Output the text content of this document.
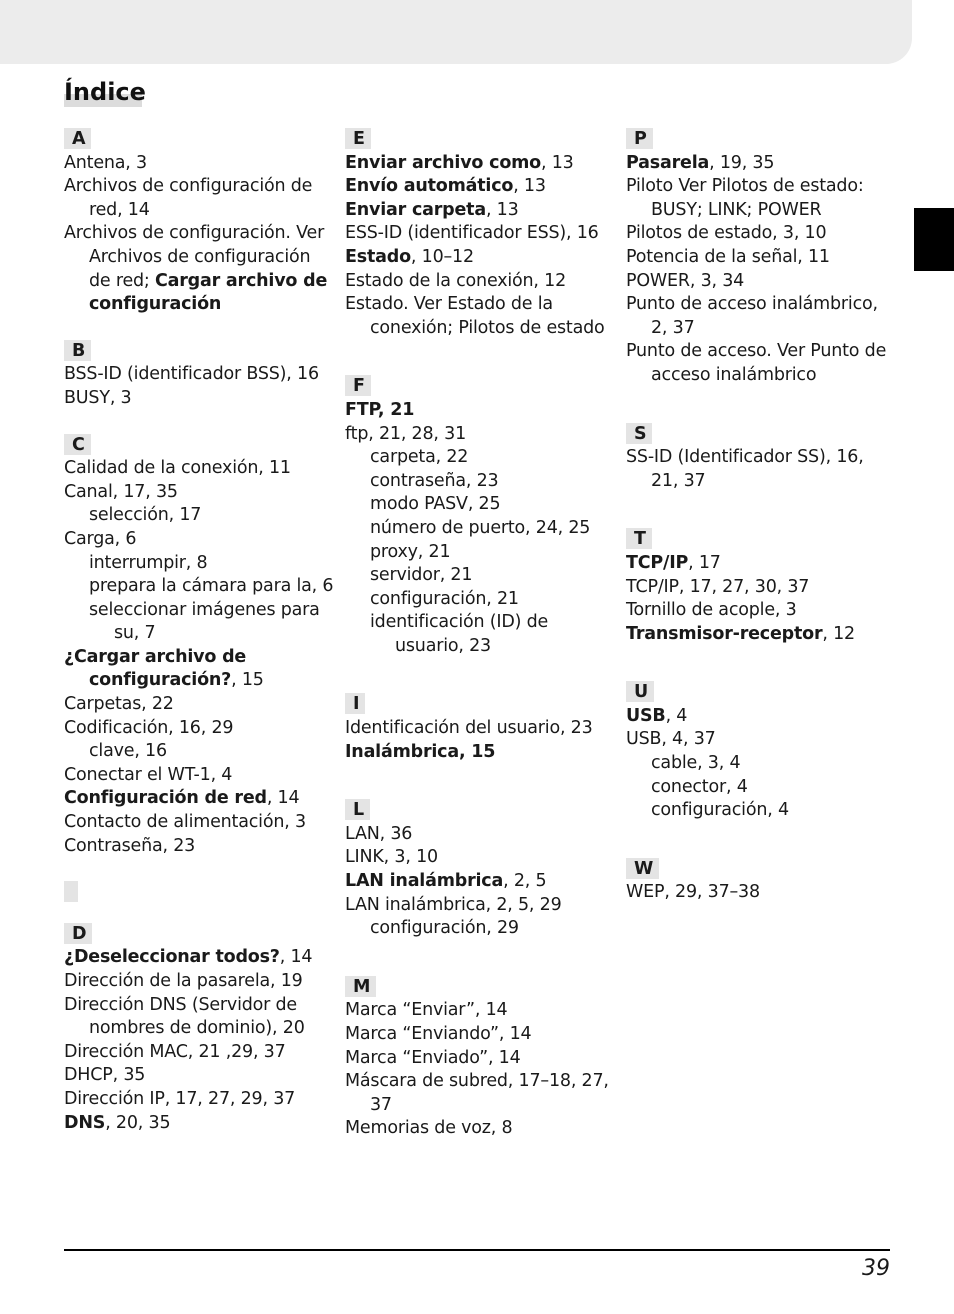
Índice
A
Antena, 3
Archivos de configuración de red, 14
Archivos de configuración. Ver Archivos de configuración de red; Cargar archivo de configuración
B
BSS-ID (identificador BSS), 16
BUSY, 3
C
Calidad de la conexión, 11
Canal, 17, 35
selección, 17
Carga, 6
interrumpir, 8
prepara la cámara para la, 6
seleccionar imágenes para su, 7
¿Cargar archivo de configuración?, 15
Carpetas, 22
Codificación, 16, 29
clave, 16
Conectar el WT-1, 4
Configuración de red, 14
Contacto de alimentación, 3
Contraseña, 23
D
¿Deseleccionar todos?, 14
Dirección de la pasarela, 19
Dirección DNS (Servidor de nombres de dominio), 20
Dirección MAC, 21 ,29, 37
DHCP, 35
Dirección IP, 17, 27, 29, 37
DNS, 20, 35
E
Enviar archivo como, 13
Envío automático, 13
Enviar carpeta, 13
ESS-ID (identificador ESS), 16
Estado, 10–12
Estado de la conexión, 12
Estado. Ver Estado de la conexión; Pilotos de estado
F
FTP, 21
ftp, 21, 28, 31
carpeta, 22
contraseña, 23
modo PASV, 25
número de puerto, 24, 25
proxy, 21
servidor, 21
configuración, 21
identificación (ID) de usuario, 23
I
Identificación del usuario, 23
Inalámbrica, 15
L
LAN, 36
LINK, 3, 10
LAN inalámbrica, 2, 5
LAN inalámbrica, 2, 5, 29
configuración, 29
M
Marca “Enviar”, 14
Marca “Enviando”, 14
Marca “Enviado”, 14
Máscara de subred, 17–18, 27, 37
Memorias de voz, 8
P
Pasarela, 19, 35
Piloto Ver Pilotos de estado: BUSY; LINK; POWER
Pilotos de estado, 3, 10
Potencia de la señal, 11
POWER, 3, 34
Punto de acceso inalámbrico, 2, 37
Punto de acceso. Ver Punto de acceso inalámbrico
S
SS-ID (Identificador SS), 16, 21, 37
T
TCP/IP, 17
TCP/IP, 17, 27, 30, 37
Tornillo de acople, 3
Transmisor-receptor, 12
U
USB, 4
USB, 4, 37
cable, 3, 4
conector, 4
configuración, 4
W
WEP, 29, 37–38
39
